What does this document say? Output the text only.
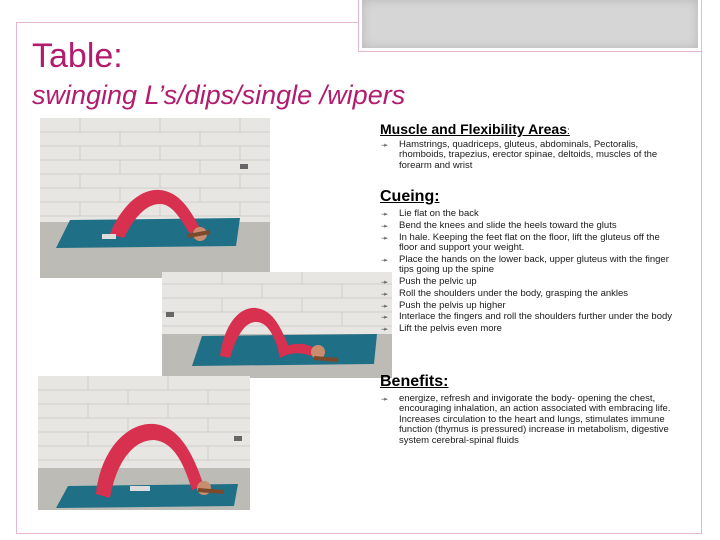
Table:
swinging L’s/dips/single /wipers
Muscle and Flexibility Areas:
➛ Hamstrings, quadriceps, gluteus, abdominals, Pectoralis, rhomboids, trapezius, erector spinae, deltoids, muscles of the forearm and wrist
Cueing:
➛ Lie flat on the back
➛ Bend the knees and slide the heels toward the gluts
➛ In hale. Keeping the feet flat on the floor, lift the gluteus off the floor and support your weight.
➛ Place the hands on the lower back, upper gluteus with the finger tips going up the spine
➛ Push the pelvic up
➛ Roll the shoulders under the body, grasping the ankles
➛ Push the pelvis up higher
➛ Interlace the fingers and roll the shoulders further under the body
➛ Lift the pelvis even more
Benefits:
➛ energize, refresh and invigorate the body- opening the chest, encouraging inhalation, an action associated with embracing life. Increases circulation to the heart and lungs, stimulates immune function (thymus is pressured) increase in metabolism, digestive system cerebral-spinal fluids
